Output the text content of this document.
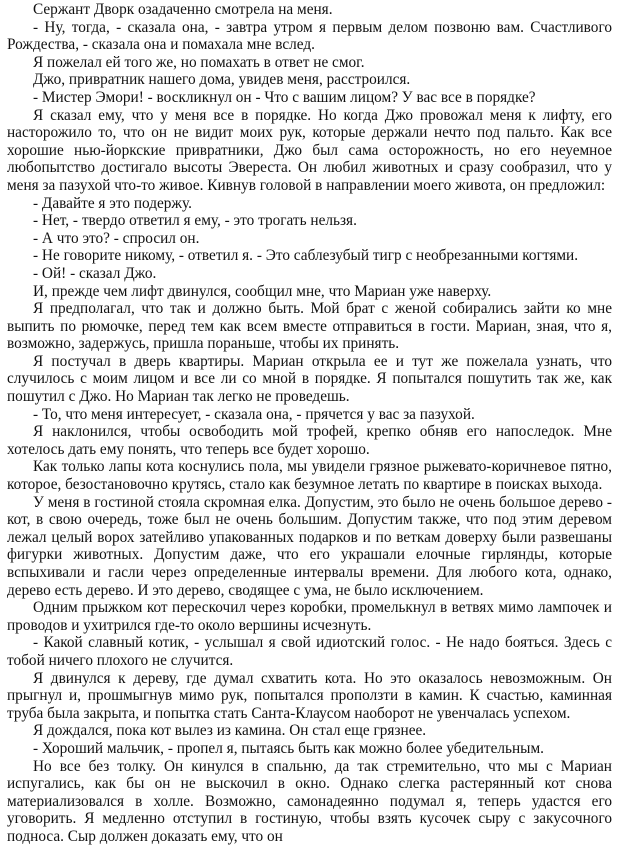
Сержант Дворк озадаченно смотрела на меня.

- Ну, тогда, - сказала она, - завтра утром я первым делом позвоню вам. Счастливого Рождества, - сказала она и помахала мне вслед.

Я пожелал ей того же, но помахать в ответ не смог.

Джо, привратник нашего дома, увидев меня, расстроился.

- Мистер Эмори! - воскликнул он - Что с вашим лицом? У вас все в порядке?

Я сказал ему, что у меня все в порядке. Но когда Джо провожал меня к лифту, его насторожило то, что он не видит моих рук, которые держали нечто под пальто. Как все хорошие нью-йоркские привратники, Джо был сама осторожность, но его неуемное любопытство достигало высоты Эвереста. Он любил животных и сразу сообразил, что у меня за пазухой что-то живое. Кивнув головой в направлении моего живота, он предложил:

- Давайте я это подержу.

- Нет, - твердо ответил я ему, - это трогать нельзя.

- А что это? - спросил он.

- Не говорите никому, - ответил я. - Это саблезубый тигр с необрезанными когтями.

- Ой! - сказал Джо.

И, прежде чем лифт двинулся, сообщил мне, что Мариан уже наверху.

Я предполагал, что так и должно быть. Мой брат с женой собирались зайти ко мне выпить по рюмочке, перед тем как всем вместе отправиться в гости. Мариан, зная, что я, возможно, задержусь, пришла пораньше, чтобы их принять.

Я постучал в дверь квартиры. Мариан открыла ее и тут же пожелала узнать, что случилось с моим лицом и все ли со мной в порядке. Я попытался пошутить так же, как пошутил с Джо. Но Мариан так легко не проведешь.

- То, что меня интересует, - сказала она, - прячется у вас за пазухой.

Я наклонился, чтобы освободить мой трофей, крепко обняв его напоследок. Мне хотелось дать ему понять, что теперь все будет хорошо.

Как только лапы кота коснулись пола, мы увидели грязное рыжевато-коричневое пятно, которое, безостановочно крутясь, стало как безумное летать по квартире в поисках выхода.

У меня в гостиной стояла скромная елка. Допустим, это было не очень большое дерево - кот, в свою очередь, тоже был не очень большим. Допустим также, что под этим деревом лежал целый ворох затейливо упакованных подарков и по веткам доверху были развешаны фигурки животных. Допустим даже, что его украшали елочные гирлянды, которые вспыхивали и гасли через определенные интервалы времени. Для любого кота, однако, дерево есть дерево. И это дерево, сводящее с ума, не было исключением.

Одним прыжком кот перескочил через коробки, промелькнул в ветвях мимо лампочек и проводов и ухитрился где-то около вершины исчезнуть.

- Какой славный котик, - услышал я свой идиотский голос. - Не надо бояться. Здесь с тобой ничего плохого не случится.

Я двинулся к дереву, где думал схватить кота. Но это оказалось невозможным. Он прыгнул и, прошмыгнув мимо рук, попытался проползти в камин. К счастью, каминная труба была закрыта, и попытка стать Санта-Клаусом наоборот не увенчалась успехом.

Я дождался, пока кот вылез из камина. Он стал еще грязнее.

- Хороший мальчик, - пропел я, пытаясь быть как можно более убедительным.

Но все без толку. Он кинулся в спальню, да так стремительно, что мы с Мариан испугались, как бы он не выскочил в окно. Однако слегка растерянный кот снова материализовался в холле. Возможно, самонадеянно подумал я, теперь удастся его уговорить. Я медленно отступил в гостиную, чтобы взять кусочек сыру с закусочного подноса. Сыр должен доказать ему, что он
